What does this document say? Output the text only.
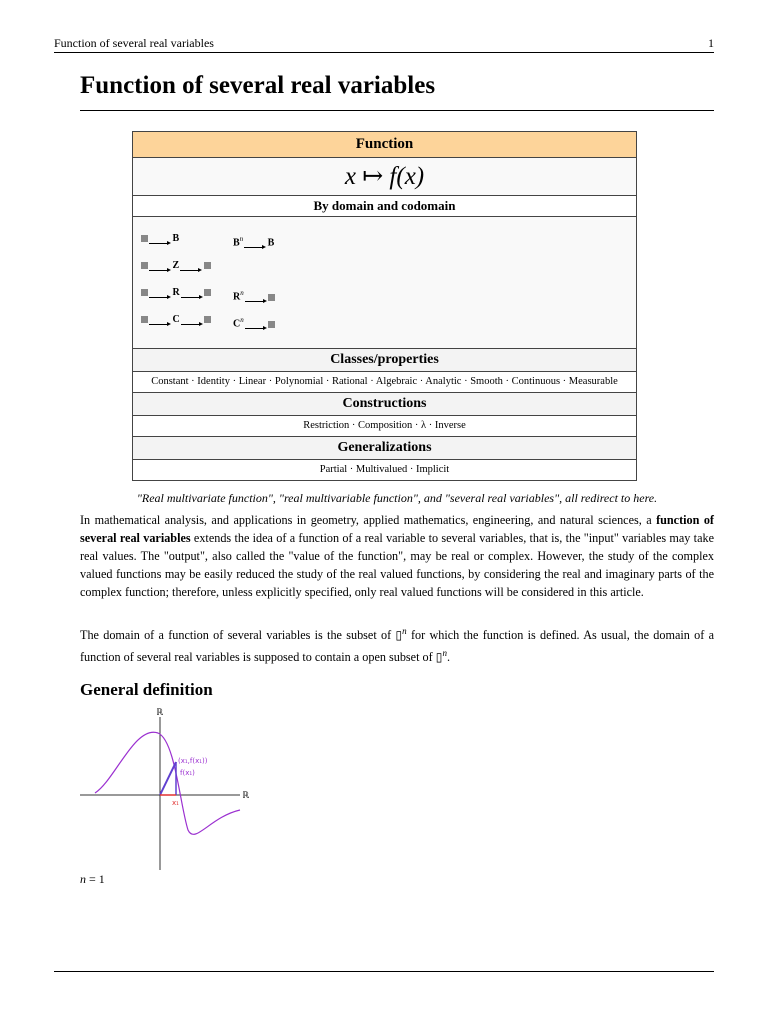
Function of several real variables	1
Function of several real variables
Function
x ↦ f(x)
By domain and codomain
B	$B^n$ B
Z
R	$R^n$
C	$C^n$
Classes/properties
Constant · Identity · Linear · Polynomial · Rational · Algebraic · Analytic · Smooth · Continuous · Measurable
Constructions
Restriction · Composition · λ · Inverse
Generalizations
Partial · Multivalued · Implicit
"Real multivariate function", "real multivariable function", and "several real variables", all redirect to here.
In mathematical analysis, and applications in geometry, applied mathematics, engineering, and natural sciences, a function of several real variables extends the idea of a function of a real variable to several variables, that is, the "input" variables may take real values. The "output", also called the "value of the function", may be real or complex. However, the study of the complex valued functions may be easily reduced the study of the real valued functions, by considering the real and imaginary parts of the complex function; therefore, unless explicitly specified, only real valued functions will be considered in this article.
The domain of a function of several variables is the subset of ▯$^n$ for which the function is defined. As usual, the domain of a function of several real variables is supposed to contain a open subset of ▯$^n$.
General definition
ℝ
ℝ
(x₁,f(x₁))
f(x₁)
x₁
n = 1
